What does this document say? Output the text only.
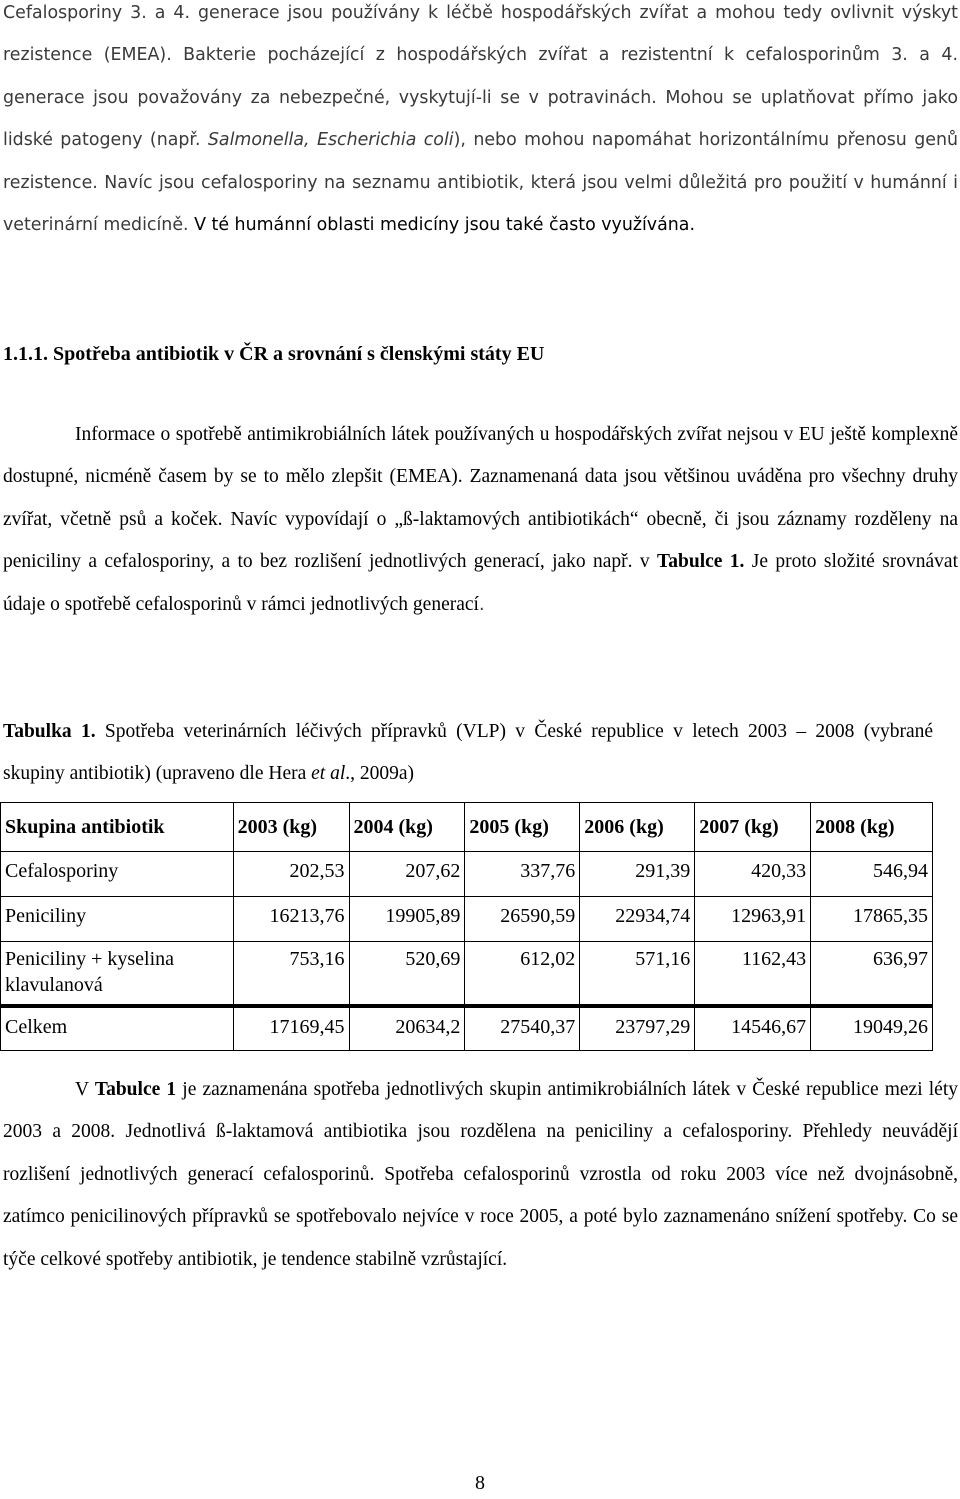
Cefalosporiny 3. a 4. generace jsou používány k léčbě hospodářských zvířat a mohou tedy ovlivnit výskyt rezistence (EMEA). Bakterie pocházející z hospodářských zvířat a rezistentní k cefalosporinům 3. a 4. generace jsou považovány za nebezpečné, vyskytují-li se v potravinách. Mohou se uplatňovat přímo jako lidské patogeny (např. Salmonella, Escherichia coli), nebo mohou napomáhat horizontálnímu přenosu genů rezistence. Navíc jsou cefalosporiny na seznamu antibiotik, která jsou velmi důležitá pro použití v humánní i veterinární medicíně. V té humánní oblasti medicíny jsou také často využívána.

1.1.1. Spotřeba antibiotik v ČR a srovnání s členskými státy EU

Informace o spotřebě antimikrobiálních látek používaných u hospodářských zvířat nejsou v EU ještě komplexně dostupné, nicméně časem by se to mělo zlepšit (EMEA). Zaznamenaná data jsou většinou uváděna pro všechny druhy zvířat, včetně psů a koček. Navíc vypovídají o „ß-laktamových antibiotikách“ obecně, či jsou záznamy rozděleny na peniciliny a cefalosporiny, a to bez rozlišení jednotlivých generací, jako např. v Tabulce 1. Je proto složité srovnávat údaje o spotřebě cefalosporinů v rámci jednotlivých generací.

Tabulka 1. Spotřeba veterinárních léčivých přípravků (VLP) v České republice v letech 2003 – 2008 (vybrané skupiny antibiotik) (upraveno dle Hera et al., 2009a)

Skupina antibiotik	2003 (kg)	2004 (kg)	2005 (kg)	2006 (kg)	2007 (kg)	2008 (kg)
Cefalosporiny	202,53	207,62	337,76	291,39	420,33	546,94
Peniciliny	16213,76	19905,89	26590,59	22934,74	12963,91	17865,35
Peniciliny + kyselina klavulanová	753,16	520,69	612,02	571,16	1162,43	636,97
Celkem	17169,45	20634,2	27540,37	23797,29	14546,67	19049,26

V Tabulce 1 je zaznamenána spotřeba jednotlivých skupin antimikrobiálních látek v České republice mezi léty 2003 a 2008. Jednotlivá ß-laktamová antibiotika jsou rozdělena na peniciliny a cefalosporiny. Přehledy neuvádějí rozlišení jednotlivých generací cefalosporinů. Spotřeba cefalosporinů vzrostla od roku 2003 více než dvojnásobně, zatímco penicilinových přípravků se spotřebovalo nejvíce v roce 2005, a poté bylo zaznamenáno snížení spotřeby. Co se týče celkové spotřeby antibiotik, je tendence stabilně vzrůstající.

8
